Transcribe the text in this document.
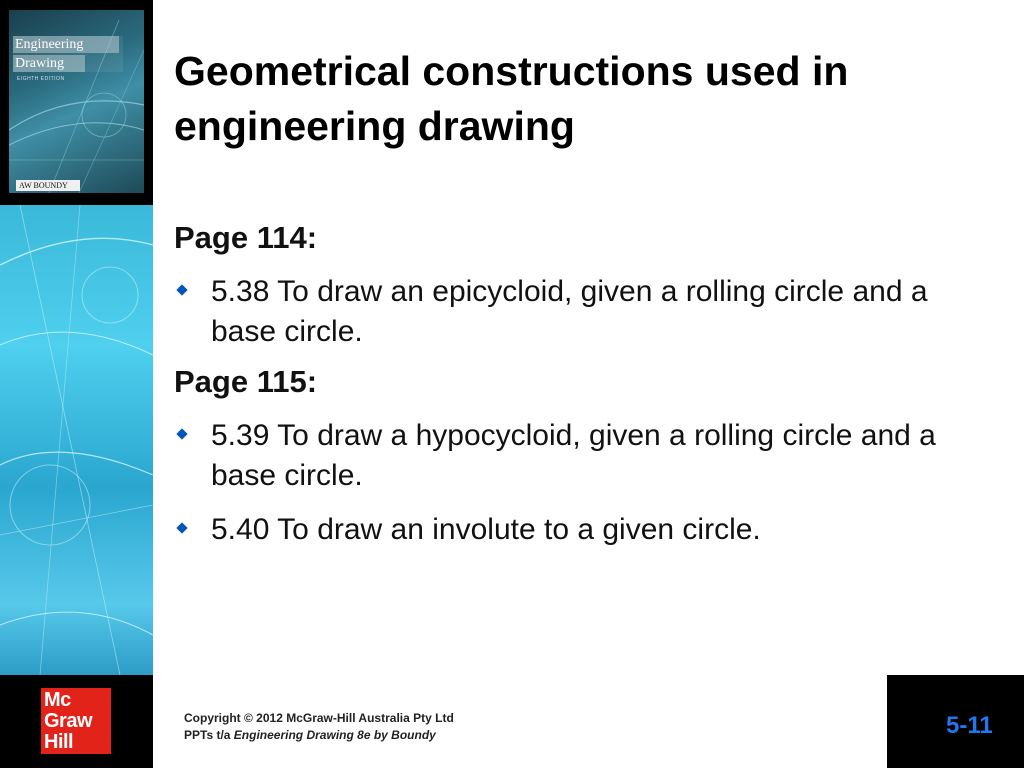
Engineering
Drawing
EIGHTH EDITION
AW BOUNDY
Mc
Graw
Hill
Geometrical constructions used in engineering drawing
Page 114:
5.38 To draw an epicycloid, given a rolling circle and a base circle.
Page 115:
5.39 To draw a hypocycloid, given a rolling circle and a base circle.
5.40 To draw an involute to a given circle.
Copyright © 2012 McGraw-Hill Australia Pty Ltd
PPTs t/a Engineering Drawing 8e by Boundy	5-11
